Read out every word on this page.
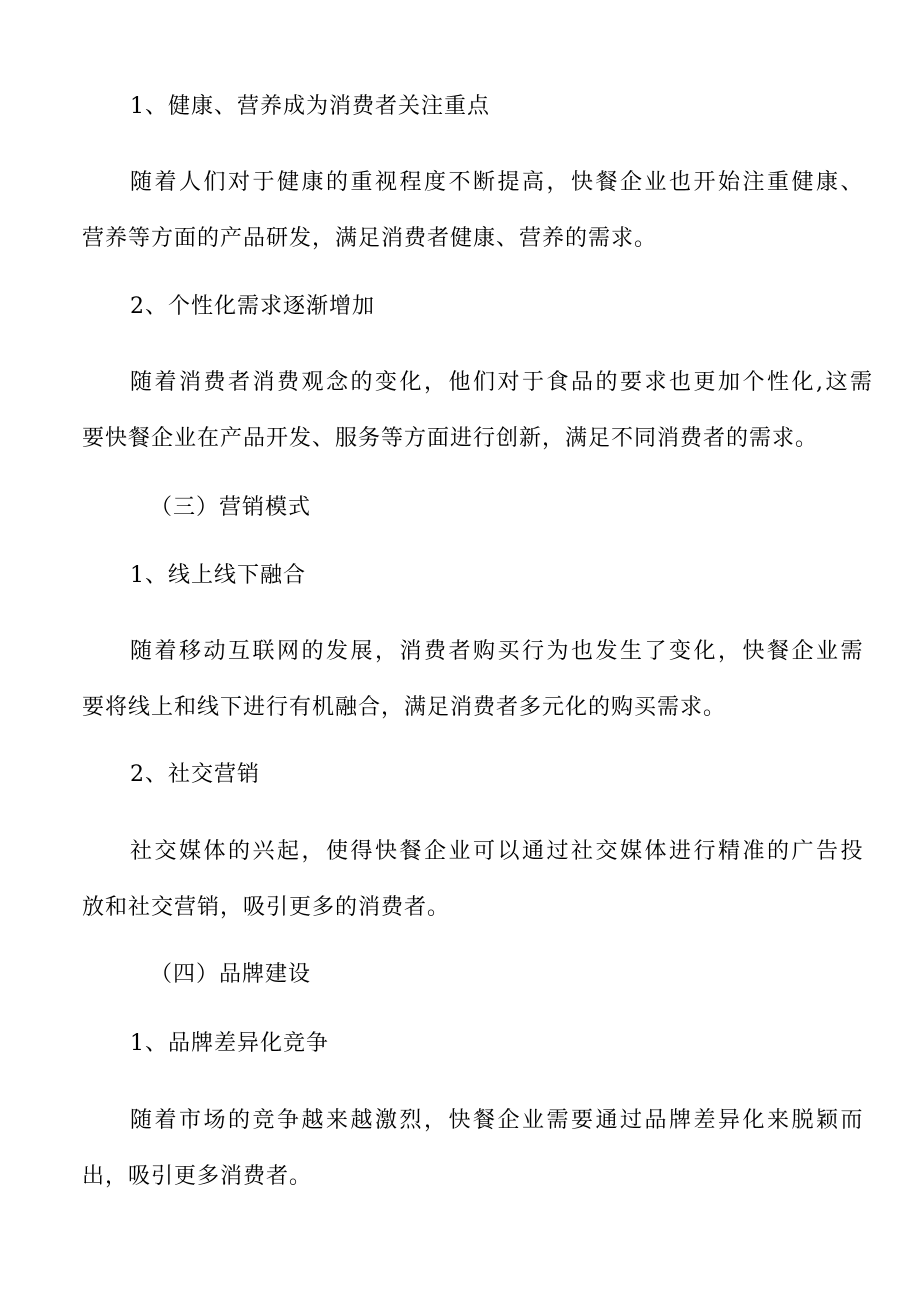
1、健康、营养成为消费者关注重点
随着人们对于健康的重视程度不断提高，快餐企业也开始注重健康、
营养等方面的产品研发，满足消费者健康、营养的需求。
2、个性化需求逐渐增加
随着消费者消费观念的变化，他们对于食品的要求也更加个性化,这需
要快餐企业在产品开发、服务等方面进行创新，满足不同消费者的需求。
（三）营销模式
1、线上线下融合
随着移动互联网的发展，消费者购买行为也发生了变化，快餐企业需
要将线上和线下进行有机融合，满足消费者多元化的购买需求。
2、社交营销
社交媒体的兴起，使得快餐企业可以通过社交媒体进行精准的广告投
放和社交营销，吸引更多的消费者。
（四）品牌建设
1、品牌差异化竞争
随着市场的竞争越来越激烈，快餐企业需要通过品牌差异化来脱颖而
出，吸引更多消费者。
